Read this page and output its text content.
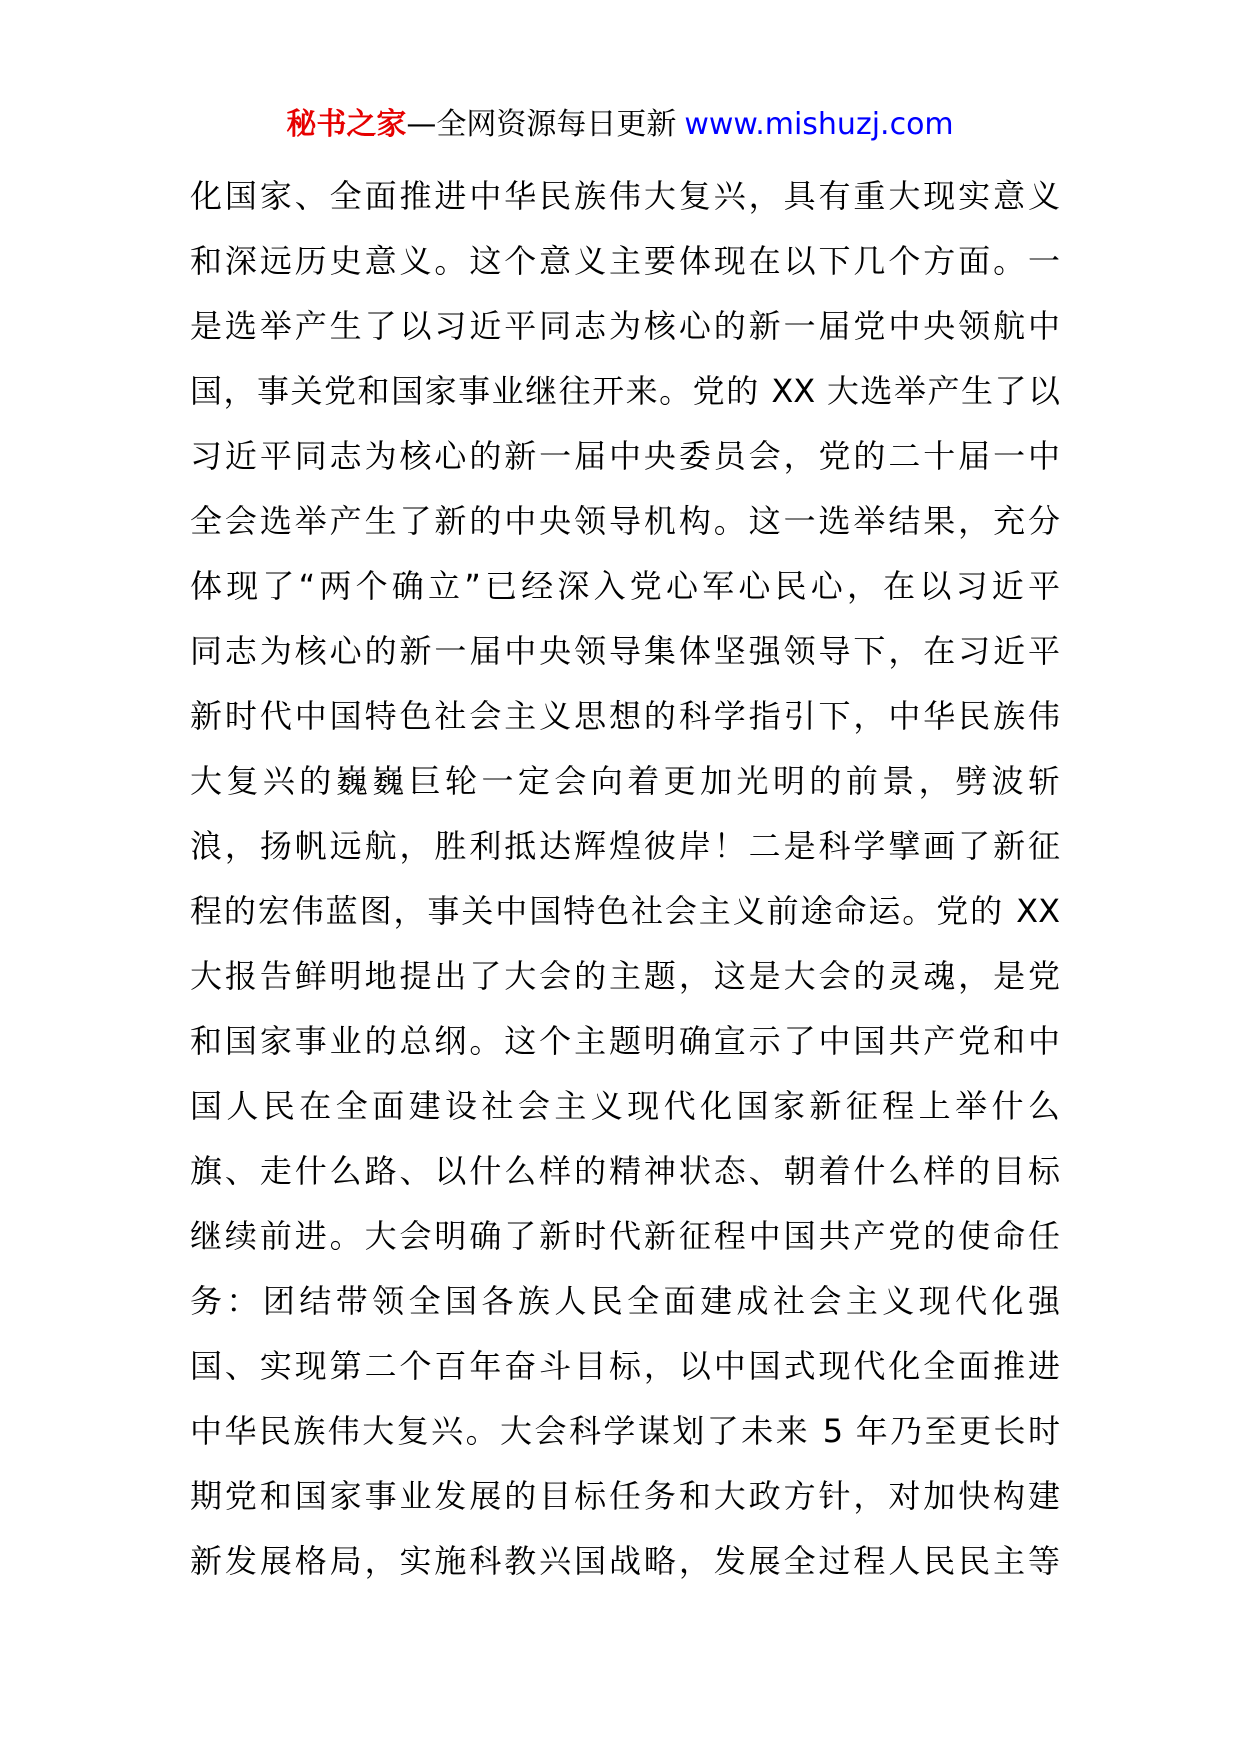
秘书之家—全网资源每日更新 www.mishuzj.com
化国家、全面推进中华民族伟大复兴，具有重大现实意义
和深远历史意义。这个意义主要体现在以下几个方面。一
是选举产生了以习近平同志为核心的新一届党中央领航中
国，事关党和国家事业继往开来。党的 XX 大选举产生了以
习近平同志为核心的新一届中央委员会，党的二十届一中
全会选举产生了新的中央领导机构。这一选举结果，充分
体现了“两个确立”已经深入党心军心民心，在以习近平
同志为核心的新一届中央领导集体坚强领导下，在习近平
新时代中国特色社会主义思想的科学指引下，中华民族伟
大复兴的巍巍巨轮一定会向着更加光明的前景，劈波斩
浪，扬帆远航，胜利抵达辉煌彼岸！二是科学擘画了新征
程的宏伟蓝图，事关中国特色社会主义前途命运。党的 XX
大报告鲜明地提出了大会的主题，这是大会的灵魂，是党
和国家事业的总纲。这个主题明确宣示了中国共产党和中
国人民在全面建设社会主义现代化国家新征程上举什么
旗、走什么路、以什么样的精神状态、朝着什么样的目标
继续前进。大会明确了新时代新征程中国共产党的使命任
务：团结带领全国各族人民全面建成社会主义现代化强
国、实现第二个百年奋斗目标，以中国式现代化全面推进
中华民族伟大复兴。大会科学谋划了未来 5 年乃至更长时
期党和国家事业发展的目标任务和大政方针，对加快构建
新发展格局，实施科教兴国战略，发展全过程人民民主等
